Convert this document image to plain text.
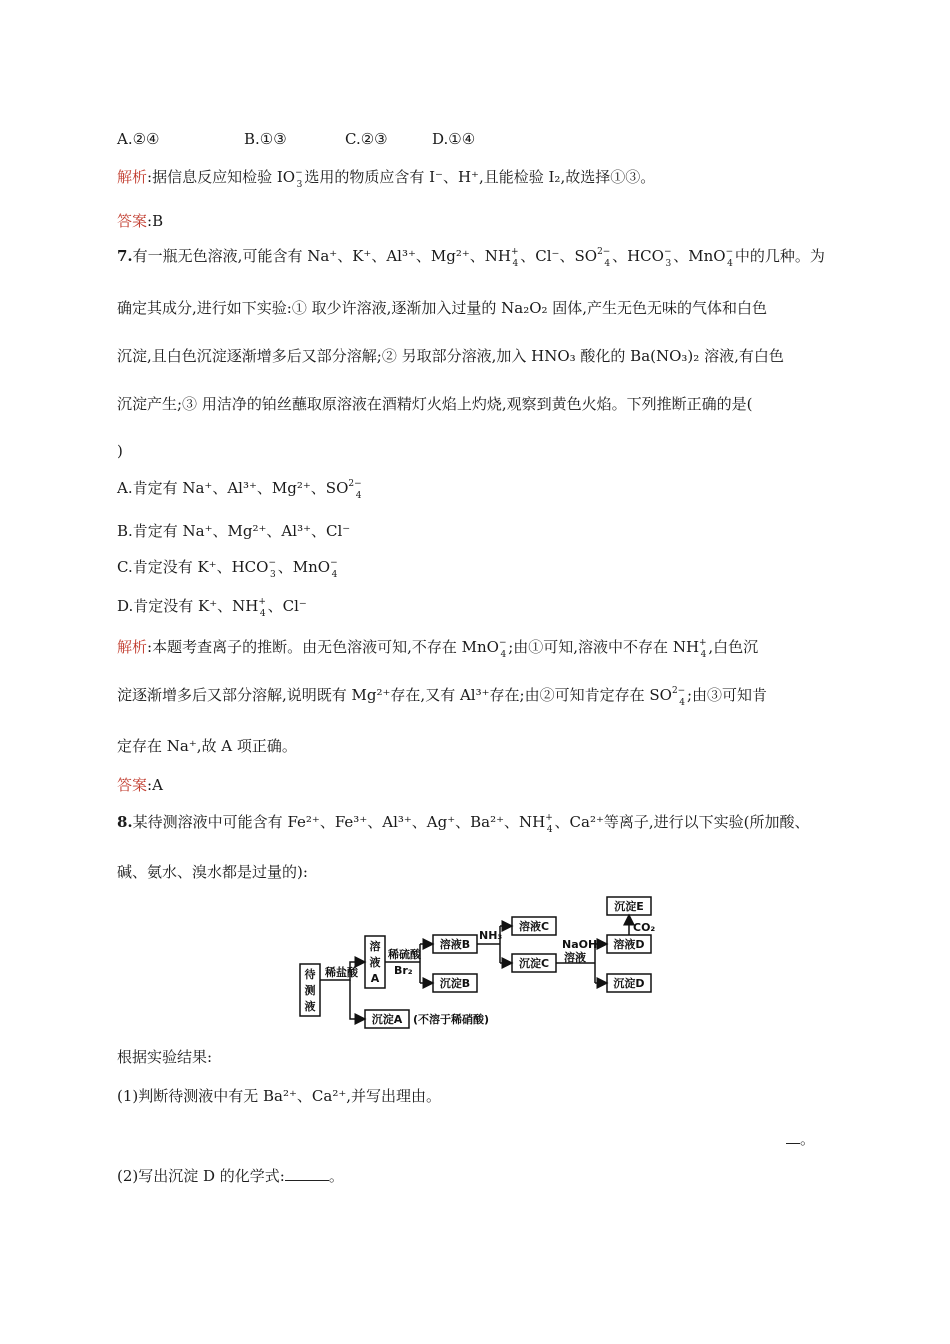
A.②④	B.①③	C.②③	D.①④
解析:据信息反应知检验 $IO^-_3$ 选用的物质应含有 I⁻、H⁺,且能检验 I₂,故选择①③。
答案:B
7.有一瓶无色溶液,可能含有 Na⁺、K⁺、Al³⁺、Mg²⁺、$NH^+_4$ 、Cl⁻、$SO^{2-}_4$ 、$HCO^-_3$ 、MnO−$_4$ 中的几种。为
确定其成分,进行如下实验:① 取少许溶液,逐渐加入过量的 Na₂O₂ 固体,产生无色无味的气体和白色
沉淀,且白色沉淀逐渐增多后又部分溶解;② 另取部分溶液,加入 HNO₃ 酸化的 Ba(NO₃)₂ 溶液,有白色
沉淀产生;③ 用洁净的铂丝蘸取原溶液在酒精灯火焰上灼烧,观察到黄色火焰。下列推断正确的是(
)
A.肯定有 Na⁺、Al³⁺、Mg²⁺、$SO^{2-}_4$
B.肯定有 Na⁺、Mg²⁺、Al³⁺、Cl⁻
C.肯定没有 K⁺、$HCO^-_3$ 、MnO−$_4$
D.肯定没有 K⁺、$NH^+_4$ 、Cl⁻
解析:本题考查离子的推断。由无色溶液可知,不存在 MnO−$_4$ ;由①可知,溶液中不存在 $NH^+_4$ ,白色沉
淀逐渐增多后又部分溶解,说明既有 Mg²⁺存在,又有 Al³⁺存在;由②可知肯定存在 $SO^{2-}_4$ ;由③可知肯
定存在 Na⁺,故 A 项正确。
答案:A
8.某待测溶液中可能含有 Fe²⁺、Fe³⁺、Al³⁺、Ag⁺、Ba²⁺、$NH^+_4$ 、Ca²⁺等离子,进行以下实验(所加酸、
碱、氨水、溴水都是过量的):
待
测
液
稀盐酸
溶
液
A
稀硫酸
Br₂
溶液B
沉淀B
NH₃
溶液C
沉淀C
NaOH
溶液
溶液D
沉淀D
沉淀E
CO₂
沉淀A (不溶于稀硝酸)
根据实验结果:
(1)判断待测液中有无 Ba²⁺、Ca²⁺,并写出理由。
。
(2)写出沉淀 D 的化学式:	。
